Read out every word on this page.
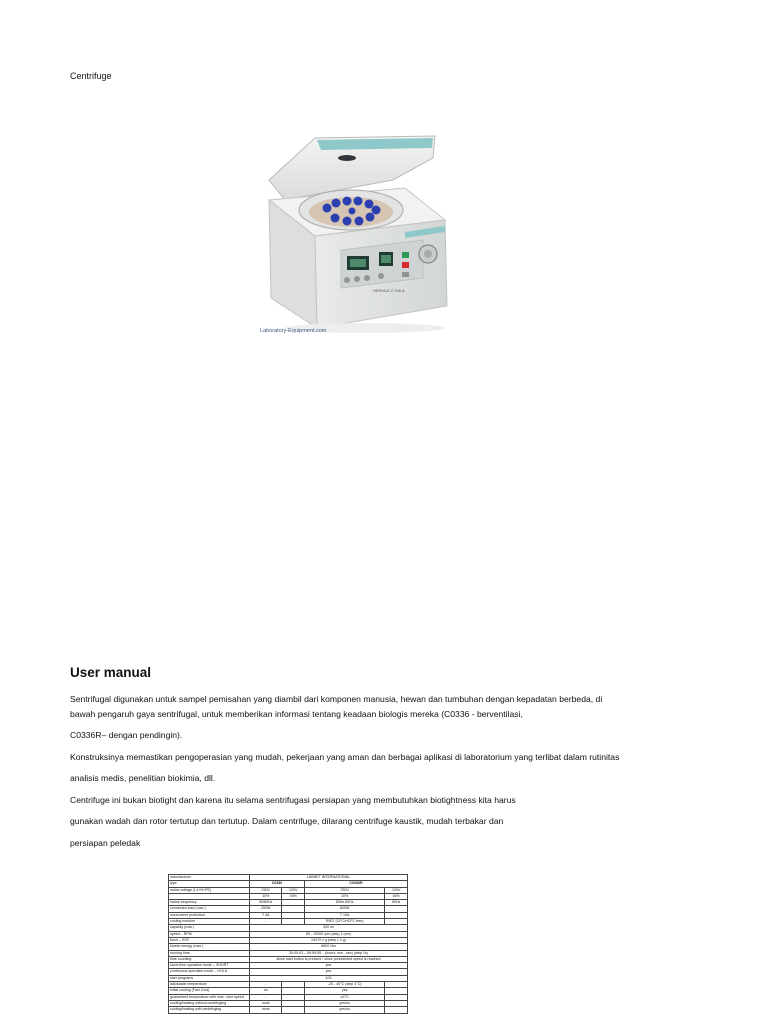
Centrifuge
HERMLE Z 206 A
Laboratory-Equipment.com
User manual
Sentrifugal digunakan untuk sampel pemisahan yang diambil dari komponen manusia, hewan dan tumbuhan dengan kepadatan berbeda, di
bawah pengaruh gaya sentrifugal, untuk memberikan informasi tentang keadaan biologis mereka (C0336 - berventilasi,
C0336R– dengan pendingin).
Konstruksinya memastikan pengoperasian yang mudah, pekerjaan yang aman dan berbagai aplikasi di laboratorium yang terlibat dalam rutinitas
analisis medis, penelitian biokimia, dll.
Centrifuge ini bukan biotight dan karena itu selama sentrifugasi persiapan yang membutuhkan biotightness kita harus
gunakan wadah dan rotor tertutup dan tertutup. Dalam centrifuge, dilarang centrifuge kaustik, mudah terbakar dan
persiapan peledak
manufacturer	LABNET INTERNATIONAL			
type	C0336		C0336R	
mains voltage (L1+N+PE)	230V	120V	230V	120V
	10%	±5%	10%	±5%
mains frequency	50/60Hz		50Hz 60Hz	60Hz
connected load (max.)	250W		600W	
overcurrent protection	T 4A		T 10A	
cooling medium	-		R507 (CFC/HCFC free)	
capacity (max.)	300 ml			
speed – RPM	80 - 15000 rpm (step 1 rpm)			
force – RCF	24270 x g (step 1 x g)			
kinetic energy (max.)	6600 Nm			
running time	30:00:01 – 59:59:59 – (hours, min., sec) (step 1s)			
time counting	since start button is pressed / since preselected speed is reached			
short-time operation mode – SHORT	yes			
continuous operation mode – HOLD	yes			
user programs	100			
adjustable temperature	-		-20 - 40°C (step 1°C)	
initial cooling (Fast Cool)	no		yes	
guaranteed temperature with max. rotor speed	-		≤4°C	
cooling/heating without centrifuging	none		yes/no	
cooling/heating with centrifuging	none		yes/no	
